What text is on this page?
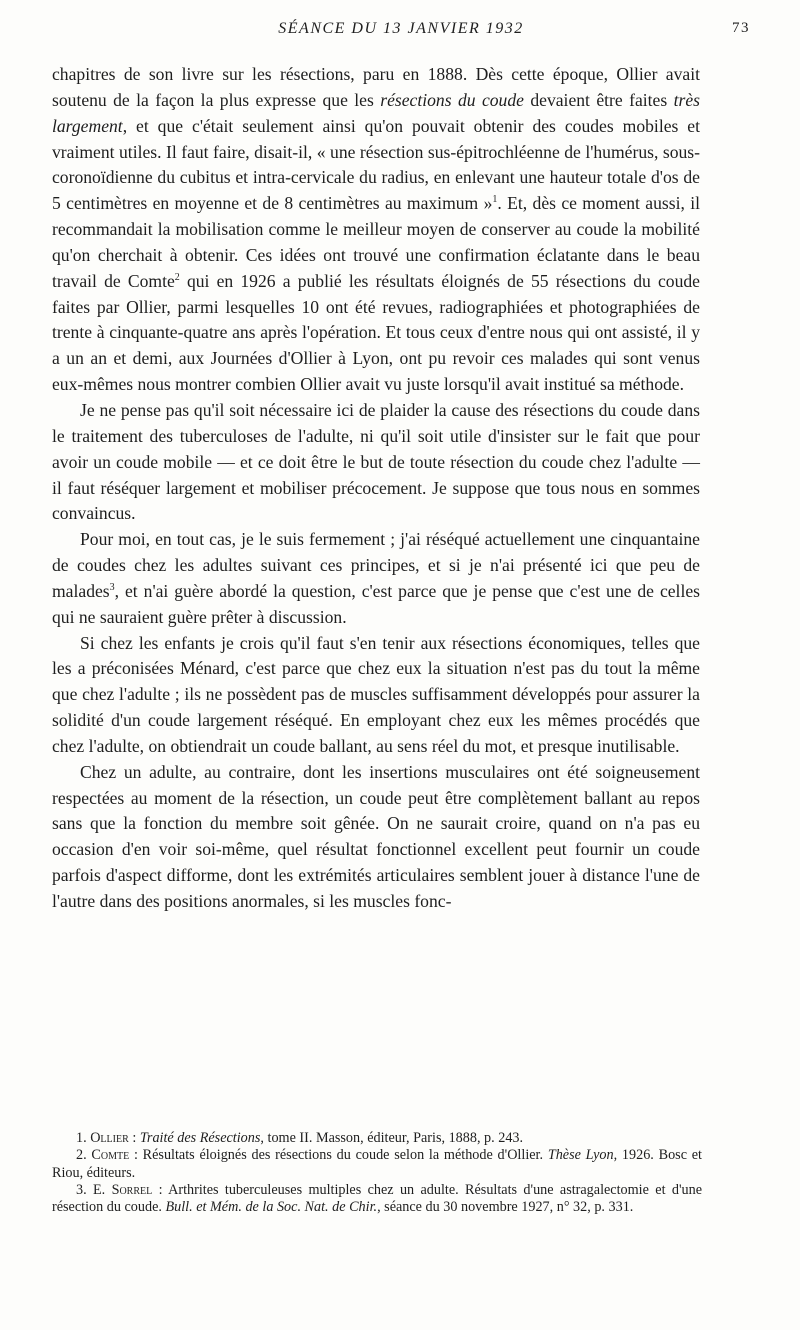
SÉANCE DU 13 JANVIER 1932	73

chapitres de son livre sur les résections, paru en 1888. Dès cette époque, Ollier avait soutenu de la façon la plus expresse que les résections du coude devaient être faites très largement, et que c'était seulement ainsi qu'on pouvait obtenir des coudes mobiles et vraiment utiles. Il faut faire, disait-il, « une résection sus-épitrochléenne de l'humérus, sous-coronoïdienne du cubitus et intra-cervicale du radius, en enlevant une hauteur totale d'os de 5 centimètres en moyenne et de 8 centimètres au maximum »$^1$. Et, dès ce moment aussi, il recommandait la mobilisation comme le meilleur moyen de conserver au coude la mobilité qu'on cherchait à obtenir. Ces idées ont trouvé une confirmation éclatante dans le beau travail de Comte$^2$ qui en 1926 a publié les résultats éloignés de 55 résections du coude faites par Ollier, parmi lesquelles 10 ont été revues, radiographiées et photographiées de trente à cinquante-quatre ans après l'opération. Et tous ceux d'entre nous qui ont assisté, il y a un an et demi, aux Journées d'Ollier à Lyon, ont pu revoir ces malades qui sont venus eux-mêmes nous montrer combien Ollier avait vu juste lorsqu'il avait institué sa méthode.

Je ne pense pas qu'il soit nécessaire ici de plaider la cause des résections du coude dans le traitement des tuberculoses de l'adulte, ni qu'il soit utile d'insister sur le fait que pour avoir un coude mobile — et ce doit être le but de toute résection du coude chez l'adulte — il faut réséquer largement et mobiliser précocement. Je suppose que tous nous en sommes convaincus.

Pour moi, en tout cas, je le suis fermement ; j'ai réséqué actuellement une cinquantaine de coudes chez les adultes suivant ces principes, et si je n'ai présenté ici que peu de malades$^3$, et n'ai guère abordé la question, c'est parce que je pense que c'est une de celles qui ne sauraient guère prêter à discussion.

Si chez les enfants je crois qu'il faut s'en tenir aux résections économiques, telles que les a préconisées Ménard, c'est parce que chez eux la situation n'est pas du tout la même que chez l'adulte ; ils ne possèdent pas de muscles suffisamment développés pour assurer la solidité d'un coude largement réséqué. En employant chez eux les mêmes procédés que chez l'adulte, on obtiendrait un coude ballant, au sens réel du mot, et presque inutilisable.

Chez un adulte, au contraire, dont les insertions musculaires ont été soigneusement respectées au moment de la résection, un coude peut être complètement ballant au repos sans que la fonction du membre soit gênée. On ne saurait croire, quand on n'a pas eu occasion d'en voir soi-même, quel résultat fonctionnel excellent peut fournir un coude parfois d'aspect difforme, dont les extrémités articulaires semblent jouer à distance l'une de l'autre dans des positions anormales, si les muscles fonc-

1. Ollier : Traité des Résections, tome II. Masson, éditeur, Paris, 1888, p. 243.

2. Comte : Résultats éloignés des résections du coude selon la méthode d'Ollier. Thèse Lyon, 1926. Bosc et Riou, éditeurs.

3. E. Sorrel : Arthrites tuberculeuses multiples chez un adulte. Résultats d'une astragalectomie et d'une résection du coude. Bull. et Mém. de la Soc. Nat. de Chir., séance du 30 novembre 1927, n° 32, p. 331.
